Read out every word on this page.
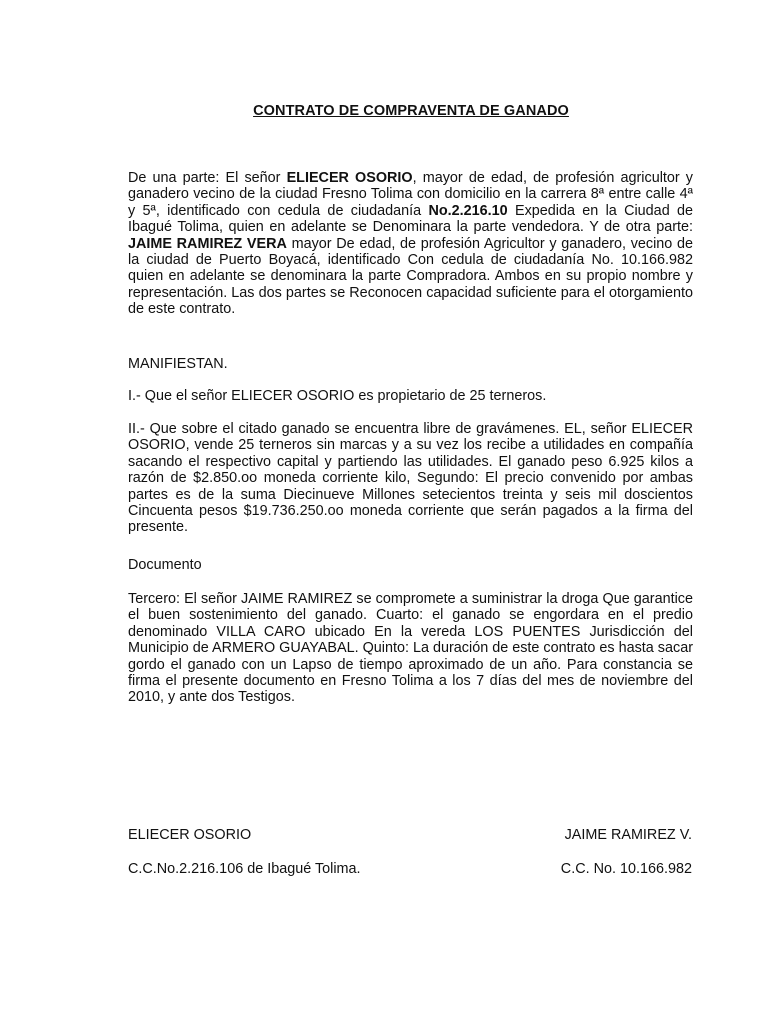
CONTRATO DE COMPRAVENTA DE GANADO
De una parte: El señor ELIECER OSORIO, mayor de edad, de profesión agricultor y ganadero vecino de la ciudad Fresno Tolima con domicilio en la carrera 8ª entre calle 4ª y 5ª, identificado con cedula de ciudadanía No.2.216.10 Expedida en la Ciudad de Ibagué Tolima, quien en adelante se Denominara la parte vendedora. Y de otra parte: JAIME RAMIREZ VERA mayor De edad, de profesión Agricultor y ganadero, vecino de la ciudad de Puerto Boyacá, identificado Con cedula de ciudadanía No. 10.166.982 quien en adelante se denominara la parte Compradora. Ambos en su propio nombre y representación. Las dos partes se Reconocen capacidad suficiente para el otorgamiento de este contrato.
MANIFIESTAN.
I.- Que el señor ELIECER OSORIO es propietario de 25 terneros.
II.- Que sobre el citado ganado se encuentra libre de gravámenes. EL, señor ELIECER OSORIO, vende 25 terneros sin marcas y a su vez los recibe a utilidades en compañía sacando el respectivo capital y partiendo las utilidades. El ganado peso 6.925 kilos a razón de $2.850.oo moneda corriente kilo, Segundo: El precio convenido por ambas partes es de la suma Diecinueve Millones setecientos treinta y seis mil doscientos Cincuenta pesos $19.736.250.oo moneda corriente que serán pagados a la firma del presente.
Documento
Tercero: El señor JAIME RAMIREZ se compromete a suministrar la droga Que garantice el buen sostenimiento del ganado. Cuarto: el ganado se engordara en el predio denominado VILLA CARO ubicado En la vereda LOS PUENTES Jurisdicción del Municipio de ARMERO GUAYABAL. Quinto: La duración de este contrato es hasta sacar gordo el ganado con un Lapso de tiempo aproximado de un año. Para constancia se firma el presente documento en Fresno Tolima a los 7 días del mes de noviembre del 2010, y ante dos Testigos.
ELIECER OSORIO	JAIME RAMIREZ V.
C.C.No.2.216.106 de Ibagué Tolima.	C.C. No. 10.166.982
